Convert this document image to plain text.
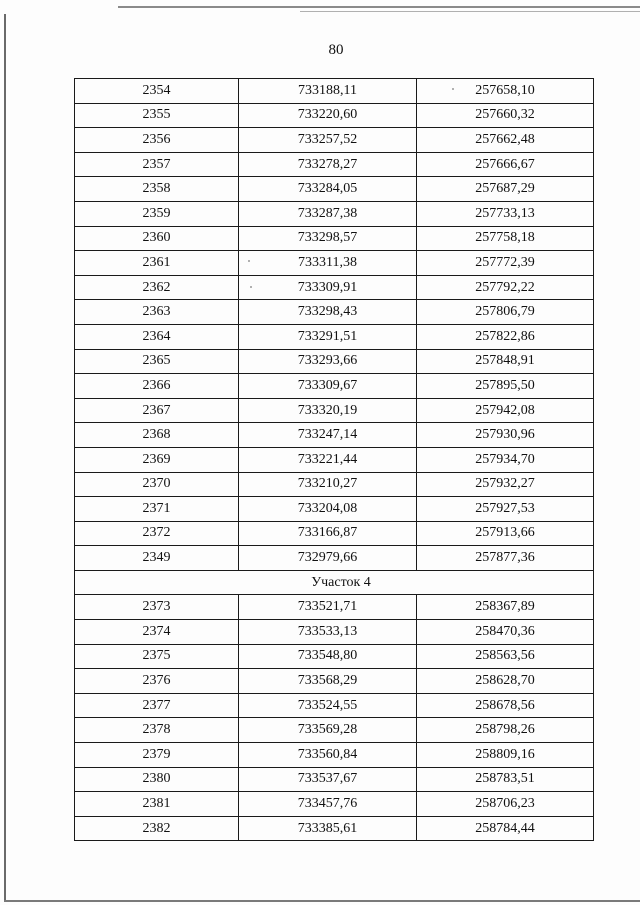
80
2354	733188,11	257658,10
2355	733220,60	257660,32
2356	733257,52	257662,48
2357	733278,27	257666,67
2358	733284,05	257687,29
2359	733287,38	257733,13
2360	733298,57	257758,18
2361	733311,38	257772,39
2362	733309,91	257792,22
2363	733298,43	257806,79
2364	733291,51	257822,86
2365	733293,66	257848,91
2366	733309,67	257895,50
2367	733320,19	257942,08
2368	733247,14	257930,96
2369	733221,44	257934,70
2370	733210,27	257932,27
2371	733204,08	257927,53
2372	733166,87	257913,66
2349	732979,66	257877,36
Участок 4		
2373	733521,71	258367,89
2374	733533,13	258470,36
2375	733548,80	258563,56
2376	733568,29	258628,70
2377	733524,55	258678,56
2378	733569,28	258798,26
2379	733560,84	258809,16
2380	733537,67	258783,51
2381	733457,76	258706,23
2382	733385,61	258784,44
